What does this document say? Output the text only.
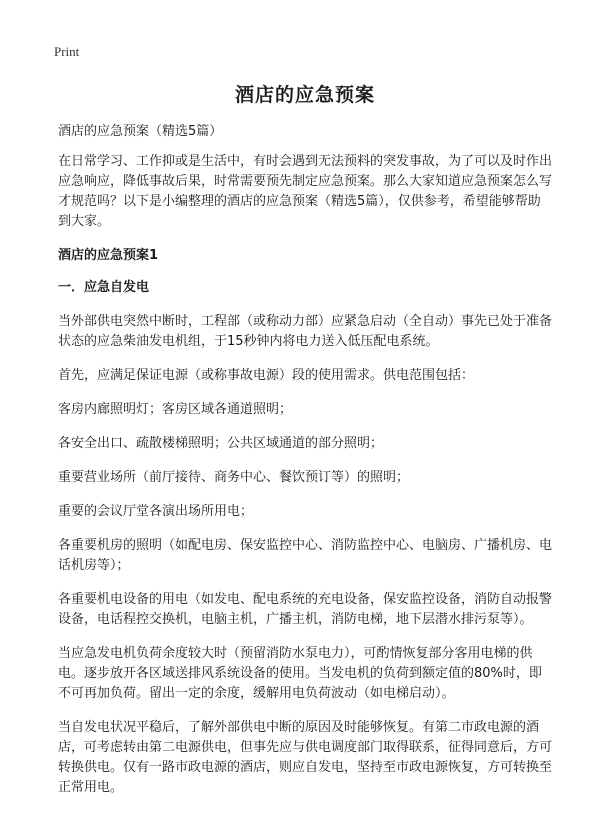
Print
酒店的应急预案

酒店的应急预案（精选5篇）

在日常学习、工作抑或是生活中，有时会遇到无法预料的突发事故，为了可以及时作出应急响应，降低事故后果，时常需要预先制定应急预案。那么大家知道应急预案怎么写才规范吗？以下是小编整理的酒店的应急预案（精选5篇），仅供参考，希望能够帮助到大家。

酒店的应急预案1
一．应急自发电

当外部供电突然中断时，工程部（或称动力部）应紧急启动（全自动）事先已处于准备状态的应急柴油发电机组，于15秒钟内将电力送入低压配电系统。

首先，应满足保证电源（或称事故电源）段的使用需求。供电范围包括：

客房内廊照明灯；客房区域各通道照明；

各安全出口、疏散楼梯照明；公共区域通道的部分照明；

重要营业场所（前厅接待、商务中心、餐饮预订等）的照明；

重要的会议厅堂各演出场所用电；

各重要机房的照明（如配电房、保安监控中心、消防监控中心、电脑房、广播机房、电话机房等）；

各重要机电设备的用电（如发电、配电系统的充电设备，保安监控设备，消防自动报警设备，电话程控交换机，电脑主机，广播主机，消防电梯，地下层潜水排污泵等）。

当应急发电机负荷余度较大时（预留消防水泵电力），可酌情恢复部分客用电梯的供电。逐步放开各区域送排风系统设备的使用。当发电机的负荷到额定值的80%时，即不可再加负荷。留出一定的余度，缓解用电负荷波动（如电梯启动）。

当自发电状况平稳后，了解外部供电中断的原因及时能够恢复。有第二市政电源的酒店，可考虑转由第二电源供电，但事先应与供电调度部门取得联系，征得同意后，方可转换供电。仅有一路市政电源的酒店，则应自发电，坚持至市政电源恢复，方可转换至正常用电。
